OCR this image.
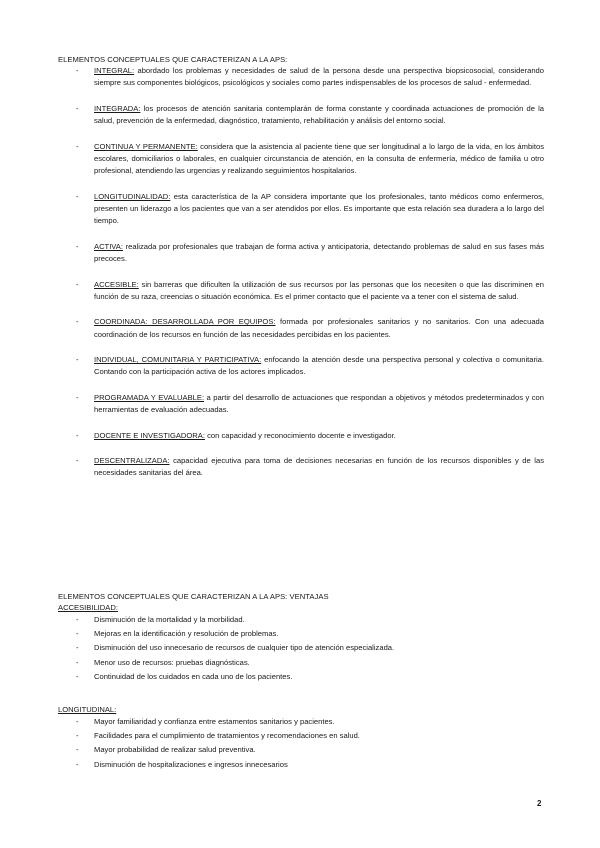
ELEMENTOS CONCEPTUALES QUE CARACTERIZAN A LA APS:

- INTEGRAL: abordado los problemas y necesidades de salud de la persona desde una perspectiva biopsicosocial, considerando siempre sus componentes biológicos, psicológicos y sociales como partes indispensables de los procesos de salud - enfermedad.
- INTEGRADA: los procesos de atención sanitaria contemplarán de forma constante y coordinada actuaciones de promoción de la salud, prevención de la enfermedad, diagnóstico, tratamiento, rehabilitación y análisis del entorno social.
- CONTINUA Y PERMANENTE: considera que la asistencia al paciente tiene que ser longitudinal a lo largo de la vida, en los ámbitos escolares, domiciliarios o laborales, en cualquier circunstancia de atención, en la consulta de enfermería, médico de familia u otro profesional, atendiendo las urgencias y realizando seguimientos hospitalarios.
- LONGITUDINALIDAD: esta característica de la AP considera importante que los profesionales, tanto médicos como enfermeros, presenten un liderazgo a los pacientes que van a ser atendidos por ellos. Es importante que esta relación sea duradera a lo largo del tiempo.
- ACTIVA: realizada por profesionales que trabajan de forma activa y anticipatoria, detectando problemas de salud en sus fases más precoces.
- ACCESIBLE: sin barreras que dificulten la utilización de sus recursos por las personas que los necesiten o que las discriminen en función de su raza, creencias o situación económica. Es el primer contacto que el paciente va a tener con el sistema de salud.
- COORDINADA: DESARROLLADA POR EQUIPOS: formada por profesionales sanitarios y no sanitarios. Con una adecuada coordinación de los recursos en función de las necesidades percibidas en los pacientes.
- INDIVIDUAL, COMUNITARIA Y PARTICIPATIVA: enfocando la atención desde una perspectiva personal y colectiva o comunitaria. Contando con la participación activa de los actores implicados.
- PROGRAMADA Y EVALUABLE: a partir del desarrollo de actuaciones que respondan a objetivos y métodos predeterminados y con herramientas de evaluación adecuadas.
- DOCENTE E INVESTIGADORA: con capacidad y reconocimiento docente e investigador.
- DESCENTRALIZADA: capacidad ejecutiva para toma de decisiones necesarias en función de los recursos disponibles y de las necesidades sanitarias del área.

ELEMENTOS CONCEPTUALES QUE CARACTERIZAN A LA APS: VENTAJAS

ACCESIBILIDAD:

- Disminución de la mortalidad y la morbilidad.
- Mejoras en la identificación y resolución de problemas.
- Disminución del uso innecesario de recursos de cualquier tipo de atención especializada.
- Menor uso de recursos: pruebas diagnósticas.
- Continuidad de los cuidados en cada uno de los pacientes.

LONGITUDINAL:

- Mayor familiaridad y confianza entre estamentos sanitarios y pacientes.
- Facilidades para el cumplimiento de tratamientos y recomendaciones en salud.
- Mayor probabilidad de realizar salud preventiva.
- Disminución de hospitalizaciones e ingresos innecesarios
2
